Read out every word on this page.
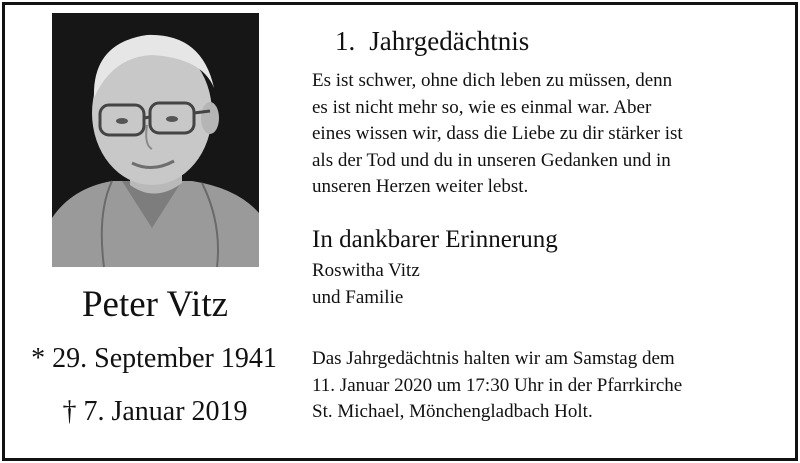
Peter Vitz
* 29. September 1941
† 7. Januar 2019
1. Jahrgedächtnis
Es ist schwer, ohne dich leben zu müssen, denn
es ist nicht mehr so, wie es einmal war. Aber
eines wissen wir, dass die Liebe zu dir stärker ist
als der Tod und du in unseren Gedanken und in
unseren Herzen weiter lebst.
In dankbarer Erinnerung
Roswitha Vitz
und Familie
Das Jahrgedächtnis halten wir am Samstag dem
11. Januar 2020 um 17:30 Uhr in der Pfarrkirche
St. Michael, Mönchengladbach Holt.
